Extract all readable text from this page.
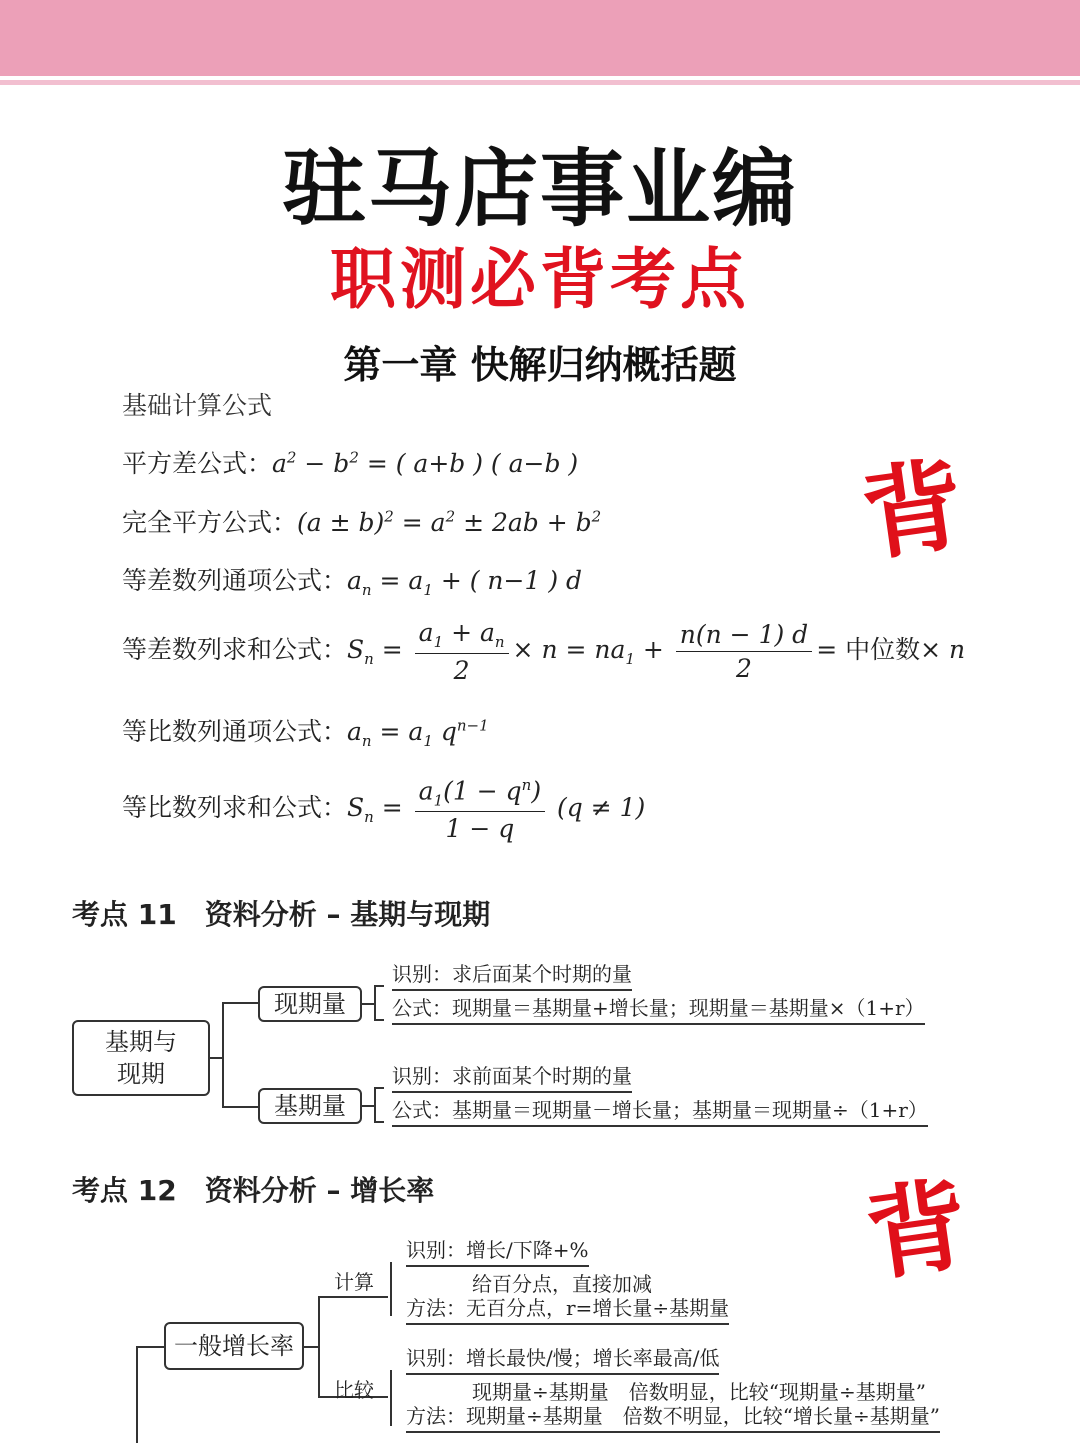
驻马店事业编
职测必背考点
第一章 快解归纳概括题
基础计算公式
背
平方差公式：$a^2 - b^2$ = ( a+b ) ( a−b )
完全平方公式：$(a \pm b)^2 = a^2 \pm 2ab + b^2$
等差数列通项公式：$a_n = a_1$ + ( n−1 ) d
等差数列求和公式：$S_n = \frac{a_1 + a_n}{2} \times n = na_1 + \frac{n(n - 1) d}{2}$ = 中位数× n
等比数列通项公式：$a_n = a_1$ $q^{n-1}$
等比数列求和公式：$S_n = \frac{a_1(1 - q^n)}{1 - q} (q \ne 1)$
考点 11　资料分析 – 基期与现期
基期与
现期
现期量
识别：求后面某个时期的量
公式：现期量＝基期量+增长量；现期量＝基期量×（1+r）
基期量
识别：求前面某个时期的量
公式：基期量＝现期量－增长量；基期量＝现期量÷（1+r）
考点 12　资料分析 – 增长率	背
一般增长率
计算
识别：增长/下降+%
给百分点，直接加减
方法：无百分点，r=增长量÷基期量
比较
识别：增长最快/慢；增长率最高/低
现期量÷基期量　倍数明显，比较“现期量÷基期量”
方法：现期量÷基期量　倍数不明显，比较“增长量÷基期量”
